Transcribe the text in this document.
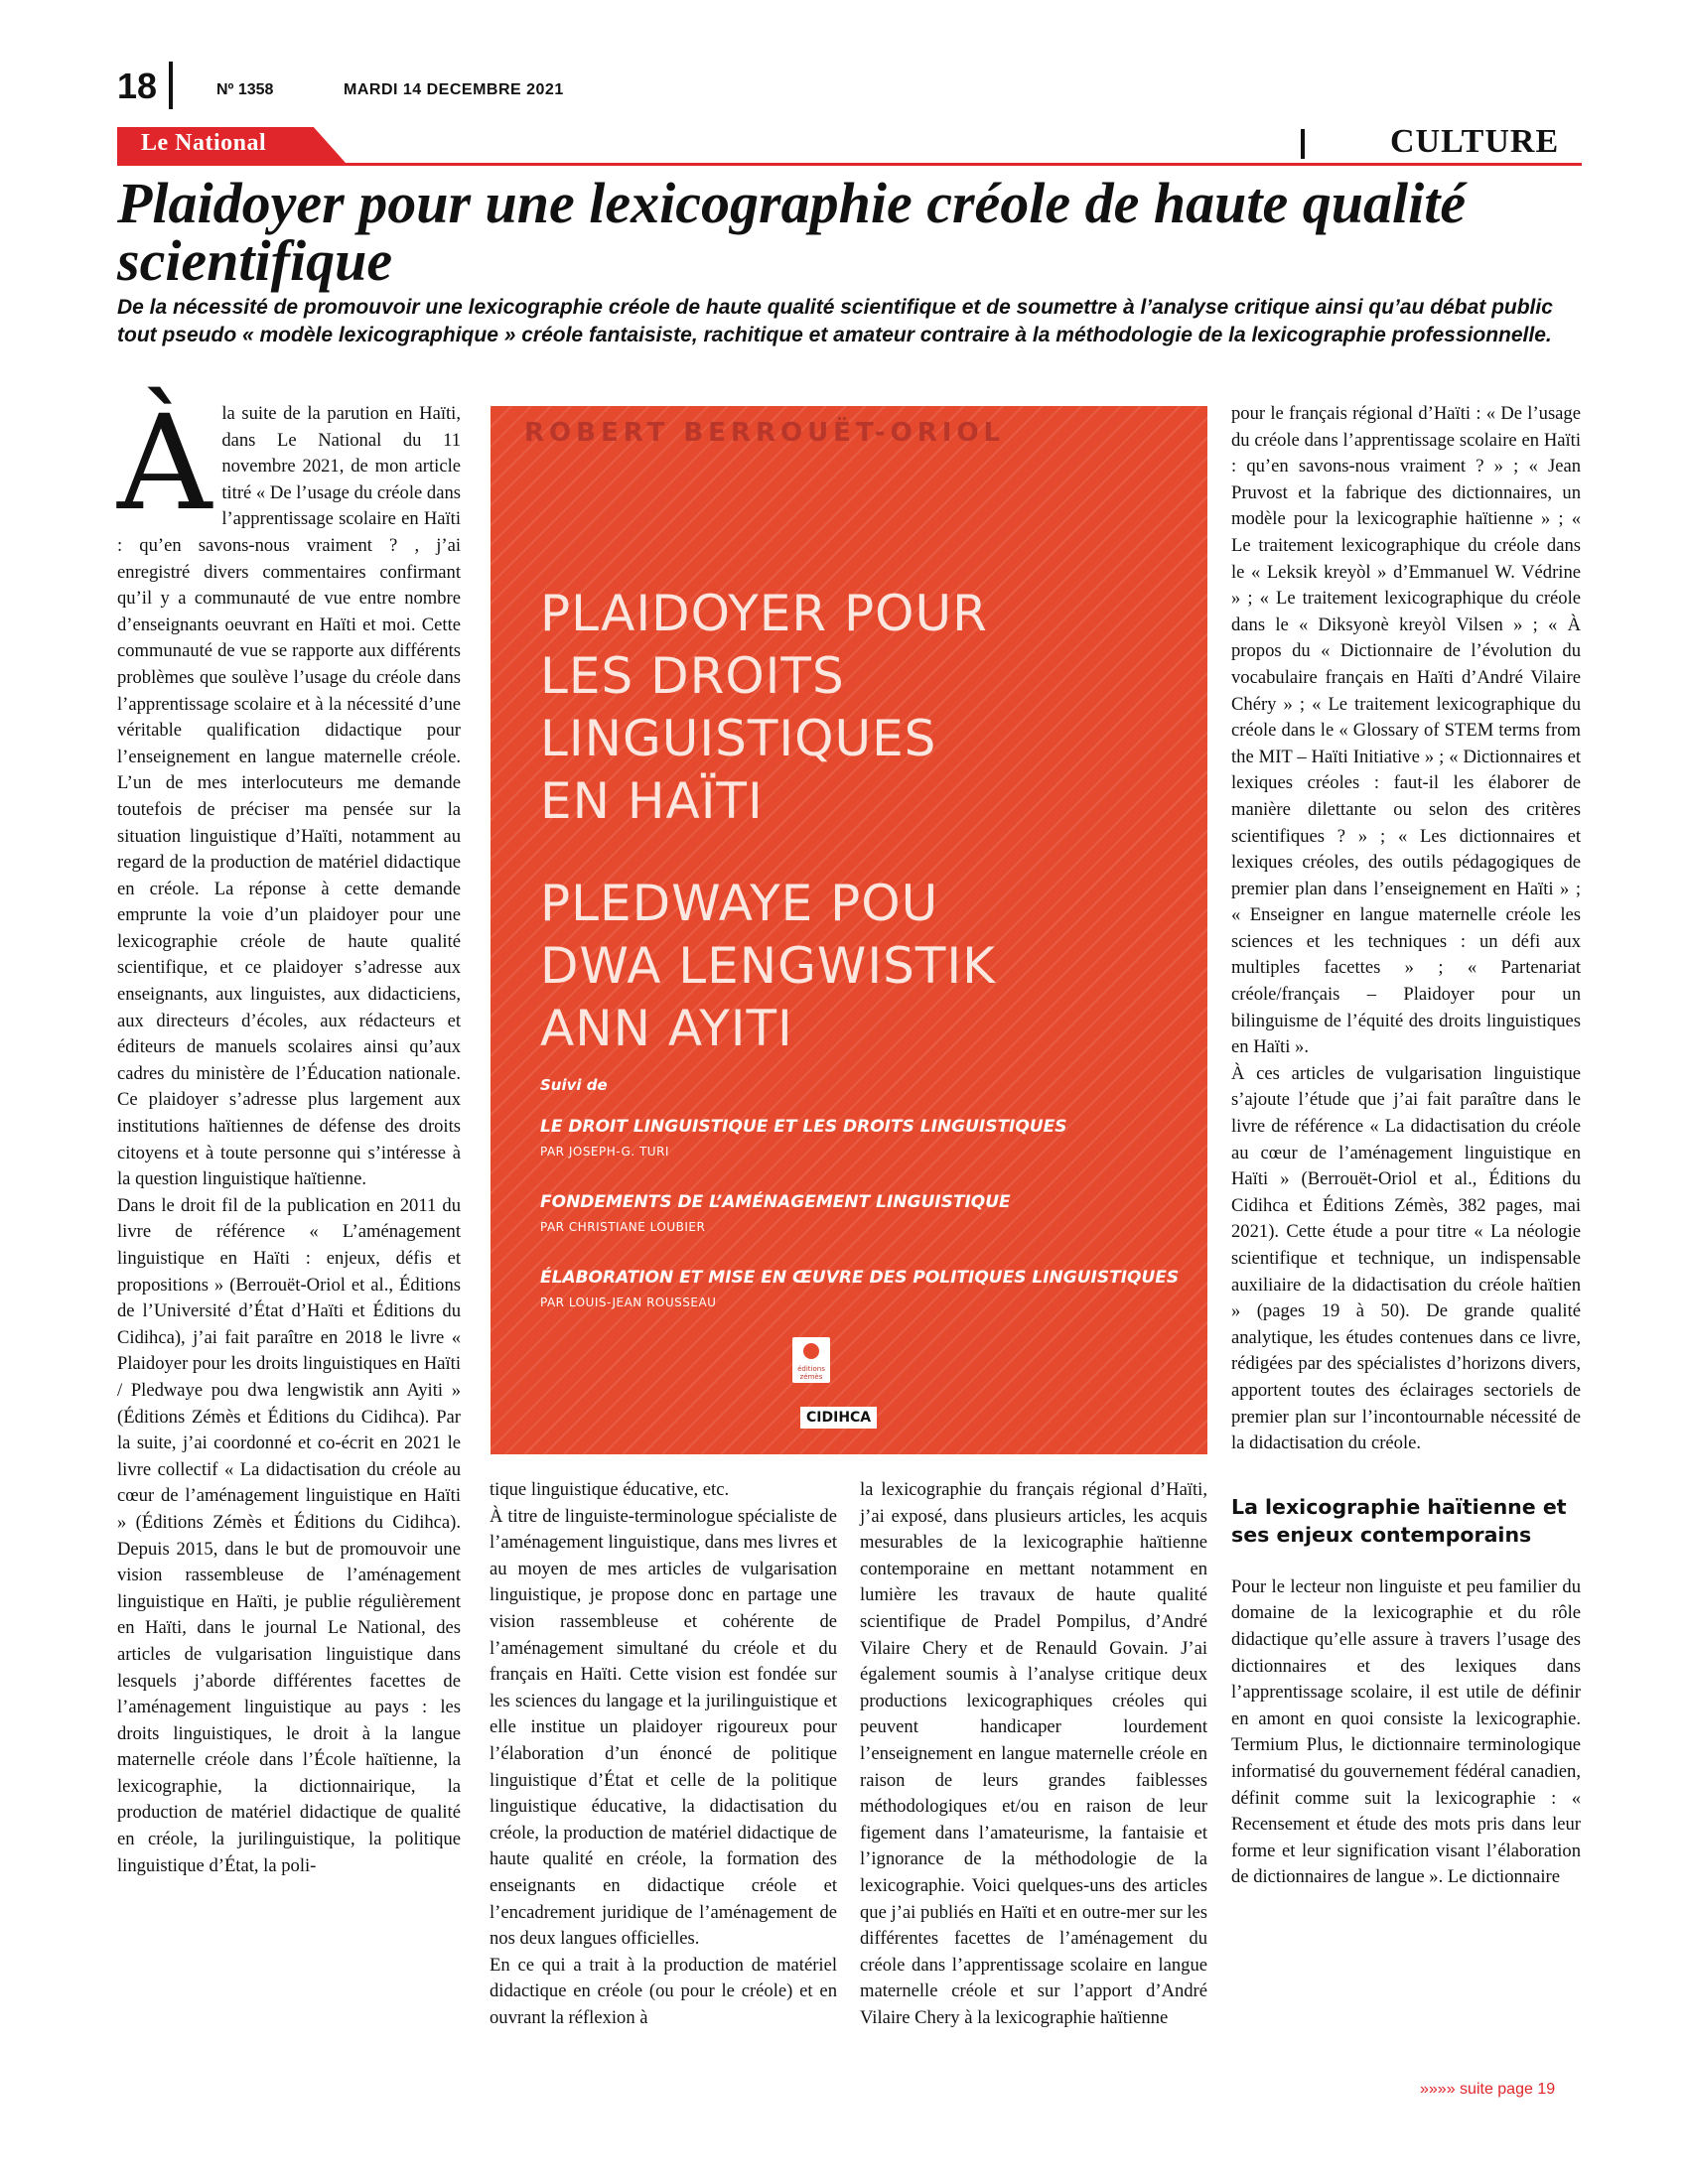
18	Nº 1358	MARDI 14 DECEMBRE 2021
Le National	CULTURE
Plaidoyer pour une lexicographie créole de haute qualité scientifique

De la nécessité de promouvoir une lexicographie créole de haute qualité scientifique et de soumettre à l’analyse critique ainsi qu’au débat public tout pseudo « modèle lexicographique » créole fantaisiste, rachitique et amateur contraire à la méthodologie de la lexicographie professionnelle.

Àla suite de la parution en Haïti, dans Le National du 11 novembre 2021, de mon article titré « De l’usage du créole dans l’apprentissage scolaire en Haïti : qu’en savons-nous vraiment ? , j’ai enregistré divers commentaires confirmant qu’il y a communauté de vue entre nombre d’enseignants oeuvrant en Haïti et moi. Cette communauté de vue se rapporte aux différents problèmes que soulève l’usage du créole dans l’apprentissage scolaire et à la nécessité d’une véritable qualification didactique pour l’enseignement en langue maternelle créole. L’un de mes interlocuteurs me demande toutefois de préciser ma pensée sur la situation linguistique d’Haïti, notamment au regard de la production de matériel didactique en créole. La réponse à cette demande emprunte la voie d’un plaidoyer pour une lexicographie créole de haute qualité scientifique, et ce plaidoyer s’adresse aux enseignants, aux linguistes, aux didacticiens, aux directeurs d’écoles, aux rédacteurs et éditeurs de manuels scolaires ainsi qu’aux cadres du ministère de l’Éducation nationale. Ce plaidoyer s’adresse plus largement aux institutions haïtiennes de défense des droits citoyens et à toute personne qui s’intéresse à la question linguistique haïtienne.

Dans le droit fil de la publication en 2011 du livre de référence « L’aménagement linguistique en Haïti : enjeux, défis et propositions » (Berrouët-Oriol et al., Éditions de l’Université d’État d’Haïti et Éditions du Cidihca), j’ai fait paraître en 2018 le livre « Plaidoyer pour les droits linguistiques en Haïti / Pledwaye pou dwa lengwistik ann Ayiti » (Éditions Zémès et Éditions du Cidihca). Par la suite, j’ai coordonné et co-écrit en 2021 le livre collectif « La didactisation du créole au cœur de l’aménagement linguistique en Haïti » (Éditions Zémès et Éditions du Cidihca). Depuis 2015, dans le but de promouvoir une vision rassembleuse de l’aménagement linguistique en Haïti, je publie régulièrement en Haïti, dans le journal Le National, des articles de vulgarisation linguistique dans lesquels j’aborde différentes facettes de l’aménagement linguistique au pays : les droits linguistiques, le droit à la langue maternelle créole dans l’École haïtienne, la lexicographie, la dictionnairique, la production de matériel didactique de qualité en créole, la jurilinguistique, la politique linguistique d’État, la poli-

ROBERT BERROUËT-ORIOL
PLAIDOYER POUR
LES DROITS
LINGUISTIQUES
EN HAÏTI
PLEDWAYE POU
DWA LENGWISTIK
ANN AYITI
Suivi de
LE DROIT LINGUISTIQUE ET LES DROITS LINGUISTIQUES
PAR JOSEPH-G. TURI
FONDEMENTS DE L’AMÉNAGEMENT LINGUISTIQUE
PAR CHRISTIANE LOUBIER
ÉLABORATION ET MISE EN ŒUVRE DES POLITIQUES LINGUISTIQUES
PAR LOUIS-JEAN ROUSSEAU
éditions zémès
CIDIHCA

tique linguistique éducative, etc.

À titre de linguiste-terminologue spécialiste de l’aménagement linguistique, dans mes livres et au moyen de mes articles de vulgarisation linguistique, je propose donc en partage une vision rassembleuse et cohérente de l’aménagement simultané du créole et du français en Haïti. Cette vision est fondée sur les sciences du langage et la jurilinguistique et elle institue un plaidoyer rigoureux pour l’élaboration d’un énoncé de politique linguistique d’État et celle de la politique linguistique éducative, la didactisation du créole, la production de matériel didactique de haute qualité en créole, la formation des enseignants en didactique créole et l’encadrement juridique de l’aménagement de nos deux langues officielles.

En ce qui a trait à la production de matériel didactique en créole (ou pour le créole) et en ouvrant la réflexion à

la lexicographie du français régional d’Haïti, j’ai exposé, dans plusieurs articles, les acquis mesurables de la lexicographie haïtienne contemporaine en mettant notamment en lumière les travaux de haute qualité scientifique de Pradel Pompilus, d’André Vilaire Chery et de Renauld Govain. J’ai également soumis à l’analyse critique deux productions lexicographiques créoles qui peuvent handicaper lourdement l’enseignement en langue maternelle créole en raison de leurs grandes faiblesses méthodologiques et/ou en raison de leur figement dans l’amateurisme, la fantaisie et l’ignorance de la méthodologie de la lexicographie. Voici quelques-uns des articles que j’ai publiés en Haïti et en outre-mer sur les différentes facettes de l’aménagement du créole dans l’apprentissage scolaire en langue maternelle créole et sur l’apport d’André Vilaire Chery à la lexicographie haïtienne

pour le français régional d’Haïti : « De l’usage du créole dans l’apprentissage scolaire en Haïti : qu’en savons-nous vraiment ? » ; « Jean Pruvost et la fabrique des dictionnaires, un modèle pour la lexicographie haïtienne » ; « Le traitement lexicographique du créole dans le « Leksik kreyòl » d’Emmanuel W. Védrine » ; « Le traitement lexicographique du créole dans le « Diksyonè kreyòl Vilsen » ; « À propos du « Dictionnaire de l’évolution du vocabulaire français en Haïti d’André Vilaire Chéry » ; « Le traitement lexicographique du créole dans le « Glossary of STEM terms from the MIT – Haïti Initiative » ; « Dictionnaires et lexiques créoles : faut-il les élaborer de manière dilettante ou selon des critères scientifiques ? » ; « Les dictionnaires et lexiques créoles, des outils pédagogiques de premier plan dans l’enseignement en Haïti » ; « Enseigner en langue maternelle créole les sciences et les techniques : un défi aux multiples facettes » ; « Partenariat créole/français – Plaidoyer pour un bilinguisme de l’équité des droits linguistiques en Haïti ».

À ces articles de vulgarisation linguistique s’ajoute l’étude que j’ai fait paraître dans le livre de référence « La didactisation du créole au cœur de l’aménagement linguistique en Haïti » (Berrouët-Oriol et al., Éditions du Cidihca et Éditions Zémès, 382 pages, mai 2021). Cette étude a pour titre « La néologie scientifique et technique, un indispensable auxiliaire de la didactisation du créole haïtien » (pages 19 à 50). De grande qualité analytique, les études contenues dans ce livre, rédigées par des spécialistes d’horizons divers, apportent toutes des éclairages sectoriels de premier plan sur l’incontournable nécessité de la didactisation du créole.

La lexicographie haïtienne et ses enjeux contemporains

Pour le lecteur non linguiste et peu familier du domaine de la lexicographie et du rôle didactique qu’elle assure à travers l’usage des dictionnaires et des lexiques dans l’apprentissage scolaire, il est utile de définir en amont en quoi consiste la lexicographie. Termium Plus, le dictionnaire terminologique informatisé du gouvernement fédéral canadien, définit comme suit la lexicographie : « Recensement et étude des mots pris dans leur forme et leur signification visant l’élaboration de dictionnaires de langue ». Le dictionnaire

»»»» suite page 19
